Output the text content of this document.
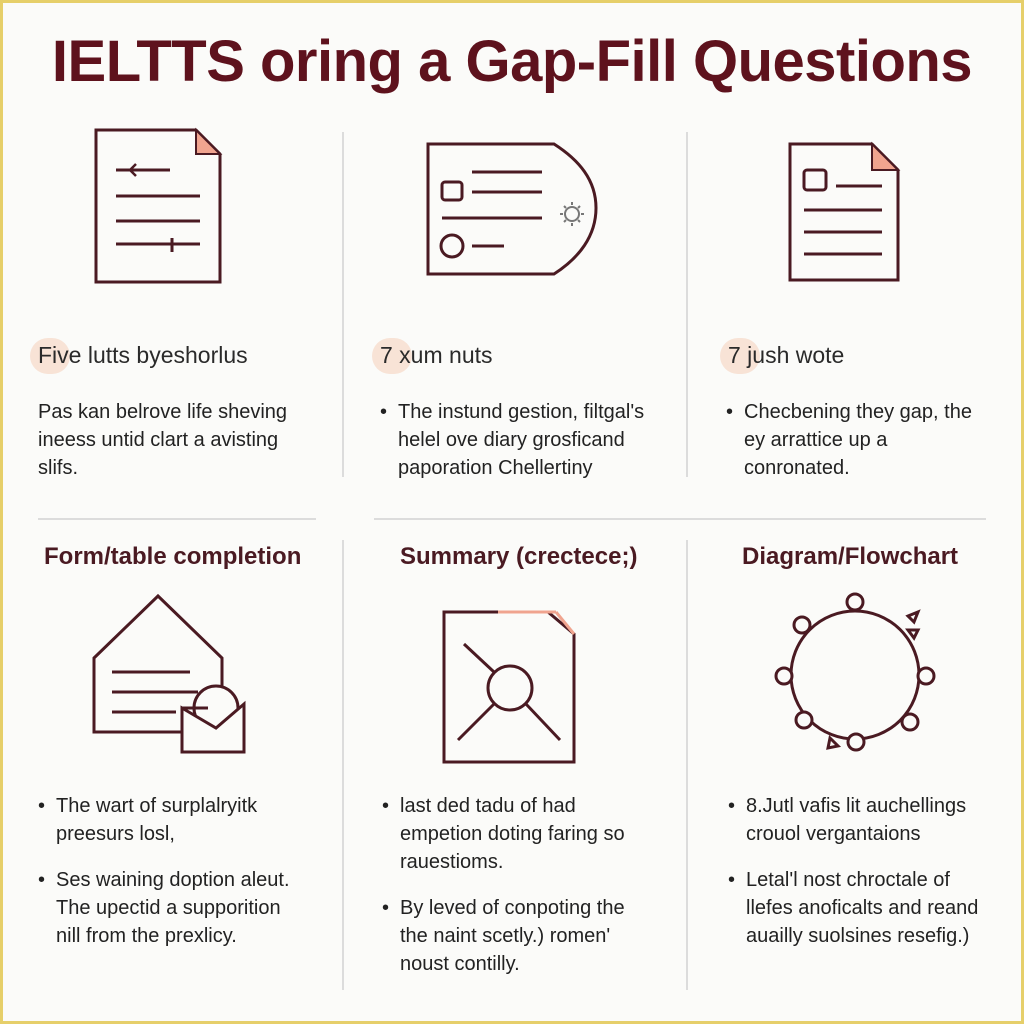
IELTTS oring a Gap-Fill Questions
Five lutts byeshorlus	7 xum nuts	7 jush wote
Pas kan belrove life sheving ineess untid clart a avisting slifs.
• The instund gestion, filtgal's helel ove diary grosficand paporation Chellertiny
• Checbening they gap, the ey arrattice up a conronated.
Form/table completion	Summary (crectece;)	Diagram/Flowchart
• The wart of surplalryitk preesurs losl,
• Ses waining doption aleut. The upectid a supporition nill from the prexlicy.
• last ded tadu of had empetion doting faring so rauestioms.
• By leved of conpoting the the naint scetly.) romen' noust contilly.
• 8.Jutl vafis lit auchellings crouol vergantaions
• Letal'l nost chroctale of llefes anoficalts and reand auailly suolsines resefig.)
